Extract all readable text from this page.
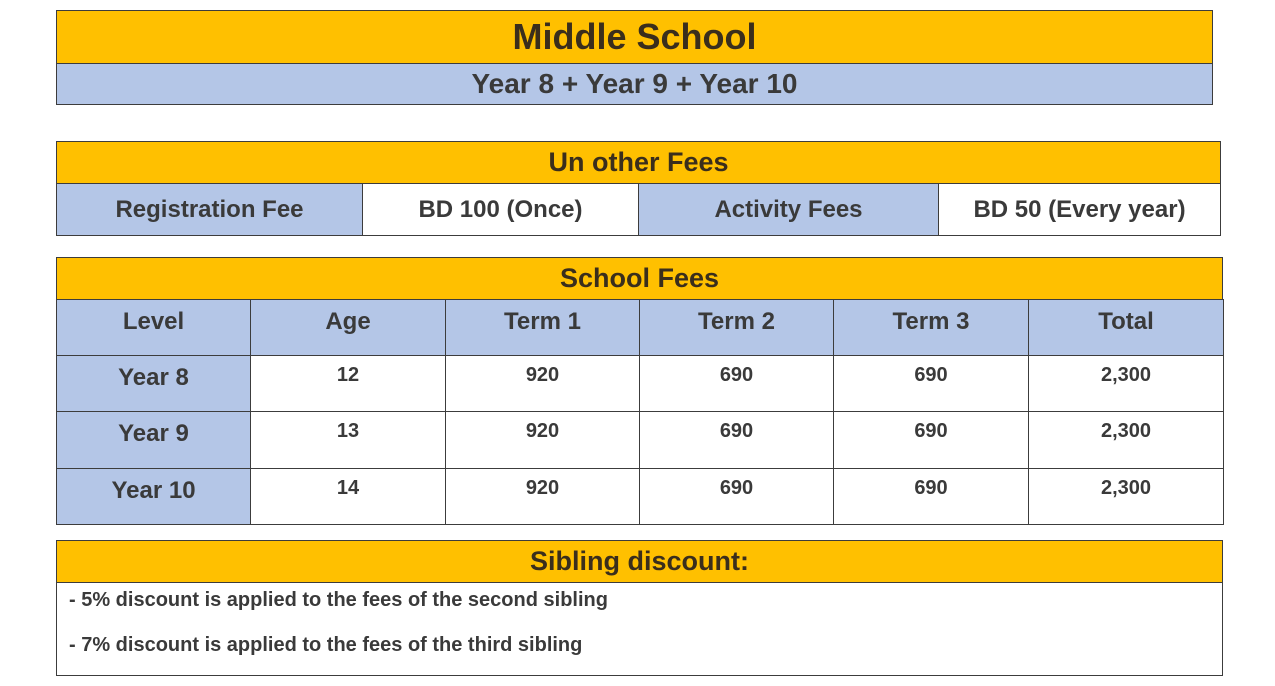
Middle School
Year 8 + Year 9 + Year 10
Un other Fees
Registration Fee	BD 100 (Once)	Activity Fees	BD 50 (Every year)
School Fees
Sibling discount:
- 5% discount is applied to the fees of the second sibling
- 7% discount is applied to the fees of the third sibling
Level	Age	Term 1	Term 2	Term 3	Total
Year 8	12	920	690	690	2,300
Year 9	13	920	690	690	2,300
Year 10	14	920	690	690	2,300
